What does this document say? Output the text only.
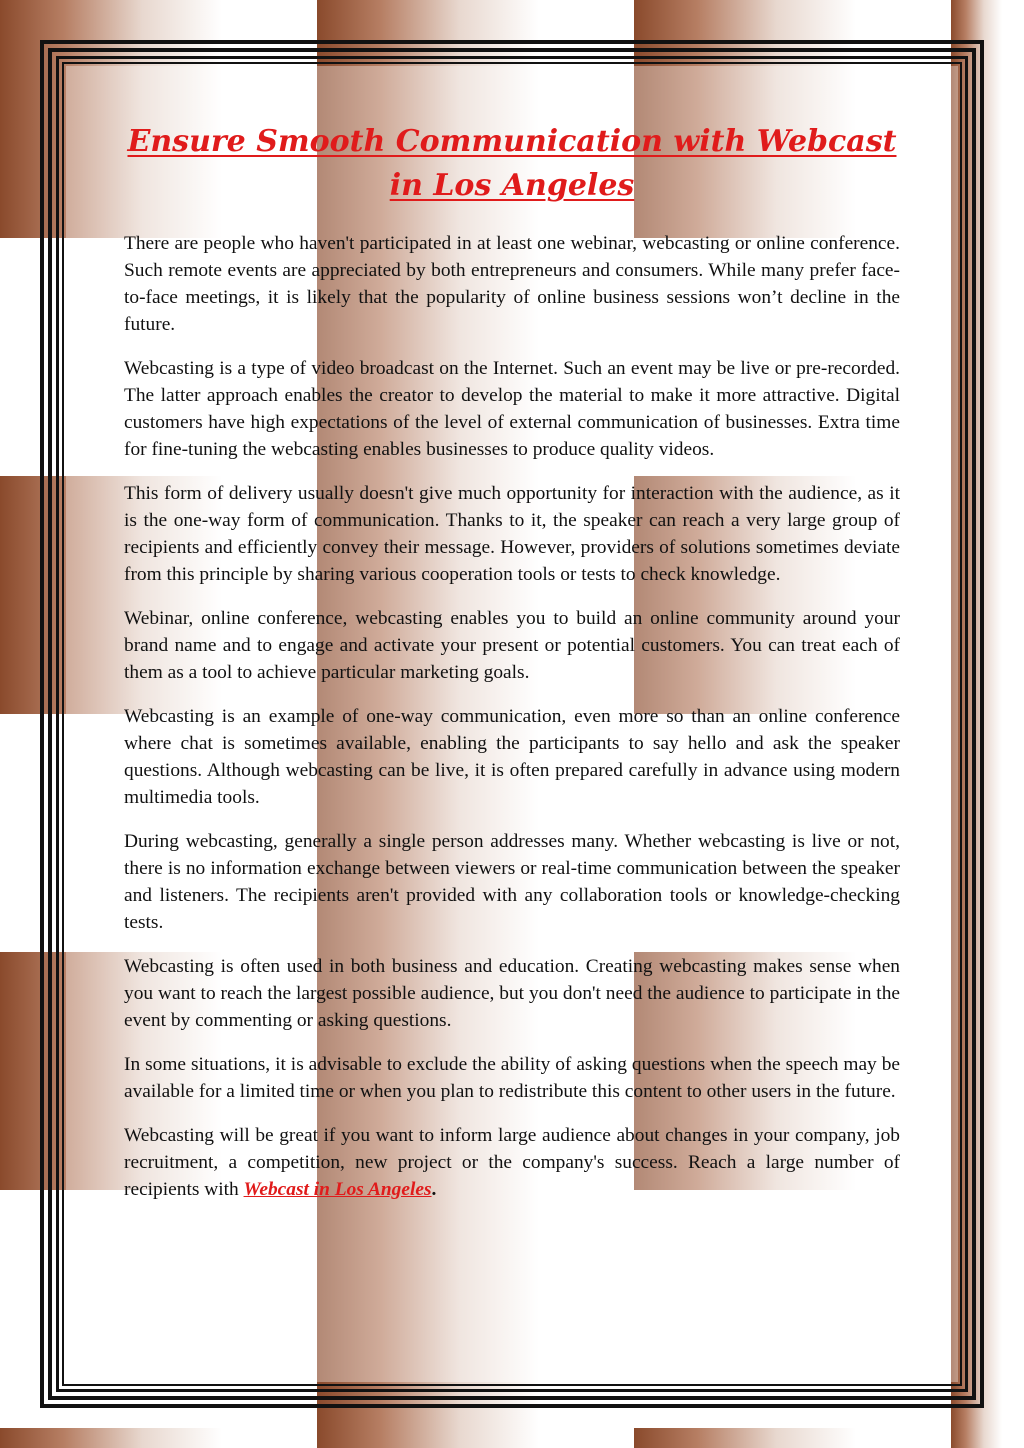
Ensure Smooth Communication with Webcast in Los Angeles

There are people who haven't participated in at least one webinar, webcasting or online conference. Such remote events are appreciated by both entrepreneurs and consumers. While many prefer face-to-face meetings, it is likely that the popularity of online business sessions won’t decline in the future.

Webcasting is a type of video broadcast on the Internet. Such an event may be live or pre-recorded. The latter approach enables the creator to develop the material to make it more attractive. Digital customers have high expectations of the level of external communication of businesses. Extra time for fine-tuning the webcasting enables businesses to produce quality videos.

This form of delivery usually doesn't give much opportunity for interaction with the audience, as it is the one-way form of communication. Thanks to it, the speaker can reach a very large group of recipients and efficiently convey their message. However, providers of solutions sometimes deviate from this principle by sharing various cooperation tools or tests to check knowledge.

Webinar, online conference, webcasting enables you to build an online community around your brand name and to engage and activate your present or potential customers. You can treat each of them as a tool to achieve particular marketing goals.

Webcasting is an example of one-way communication, even more so than an online conference where chat is sometimes available, enabling the participants to say hello and ask the speaker questions. Although webcasting can be live, it is often prepared carefully in advance using modern multimedia tools.

During webcasting, generally a single person addresses many. Whether webcasting is live or not, there is no information exchange between viewers or real-time communication between the speaker and listeners. The recipients aren't provided with any collaboration tools or knowledge-checking tests.

Webcasting is often used in both business and education. Creating webcasting makes sense when you want to reach the largest possible audience, but you don't need the audience to participate in the event by commenting or asking questions.

In some situations, it is advisable to exclude the ability of asking questions when the speech may be available for a limited time or when you plan to redistribute this content to other users in the future.

Webcasting will be great if you want to inform large audience about changes in your company, job recruitment, a competition, new project or the company's success. Reach a large number of recipients with Webcast in Los Angeles.
